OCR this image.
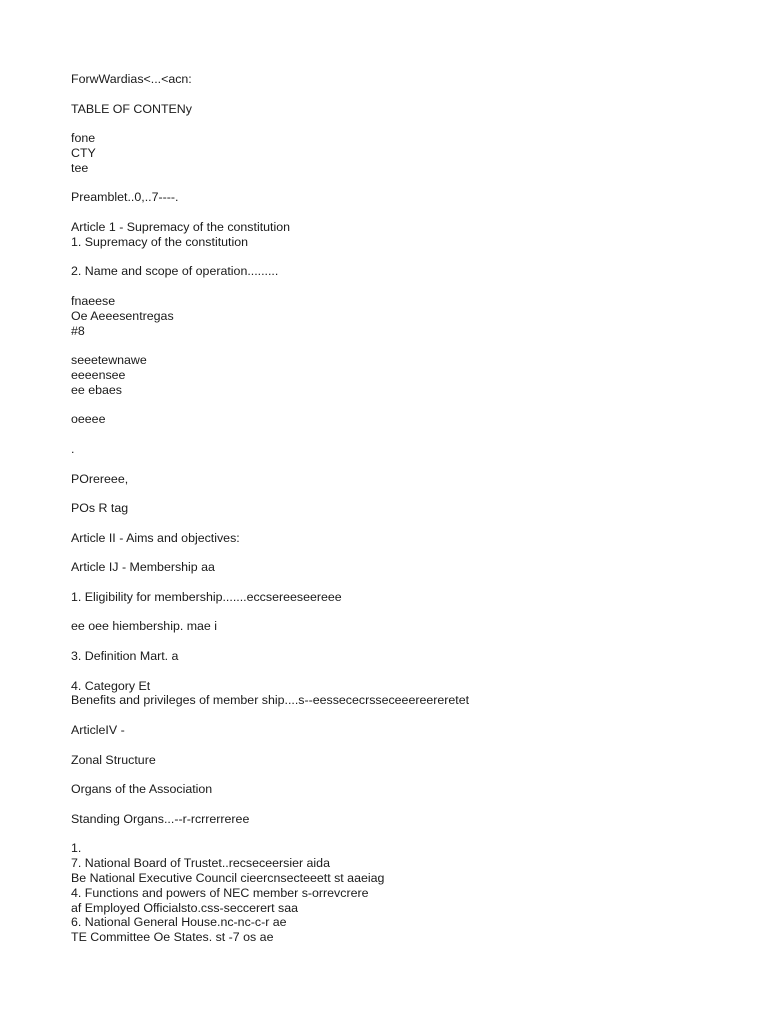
ForwWardias<...<acn:
TABLE OF CONTENy
fone
CTY
tee
Preamblet..0,..7----.
Article 1 - Supremacy of the constitution
1. Supremacy of the constitution
2. Name and scope of operation.........
fnaeese
Oe Aeeesentregas
#8
seeetewnawe
eeeensee
ee ebaes
oeeee
.
POrereee,
POs R tag
Article II - Aims and objectives:
Article IJ - Membership aa
1. Eligibility for membership.......eccsereeseereee
ee oee hiembership. mae i
3. Definition Mart. a
4. Category Et
Benefits and privileges of member ship....s--eessececrsseceeereereretet
ArticleIV -
Zonal Structure
Organs of the Association
Standing Organs...--r-rcrrerreree
1.
7. National Board of Trustet..recseceersier aida
Be National Executive Council cieercnsecteeett st aaeiag
4. Functions and powers of NEC member s-orrevcrere
af Employed Officialsto.css-seccerert saa
6. National General House.nc-nc-c-r ae
TE Committee Oe States. st -7 os ae
